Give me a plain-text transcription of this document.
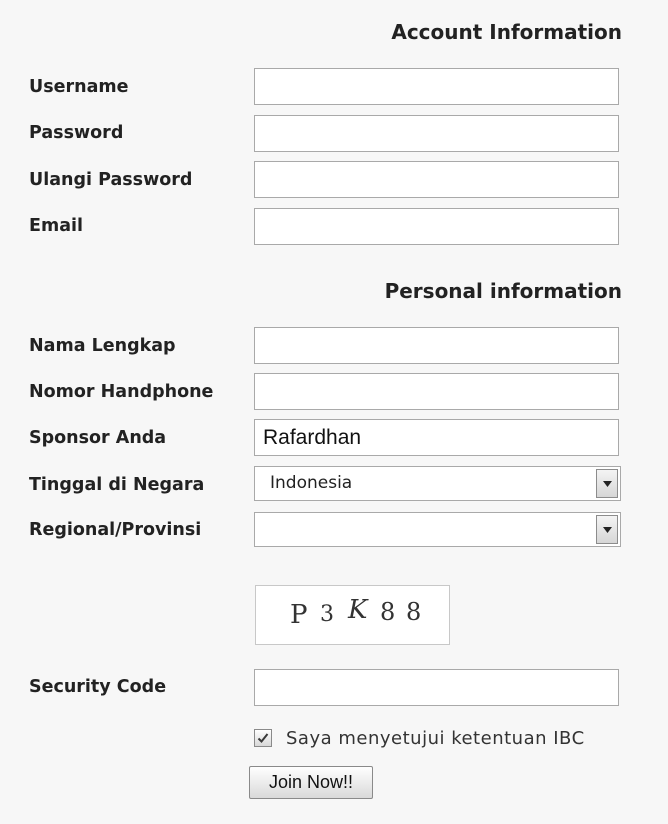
Account Information
Username
Password
Ulangi Password
Email
Personal information
Nama Lengkap
Nomor Handphone
Sponsor Anda
Rafardhan
Tinggal di Negara	Indonesia
Regional/Provinsi
P 3 K 8 8
Security Code
Saya menyetujui ketentuan IBC
Join Now!!
